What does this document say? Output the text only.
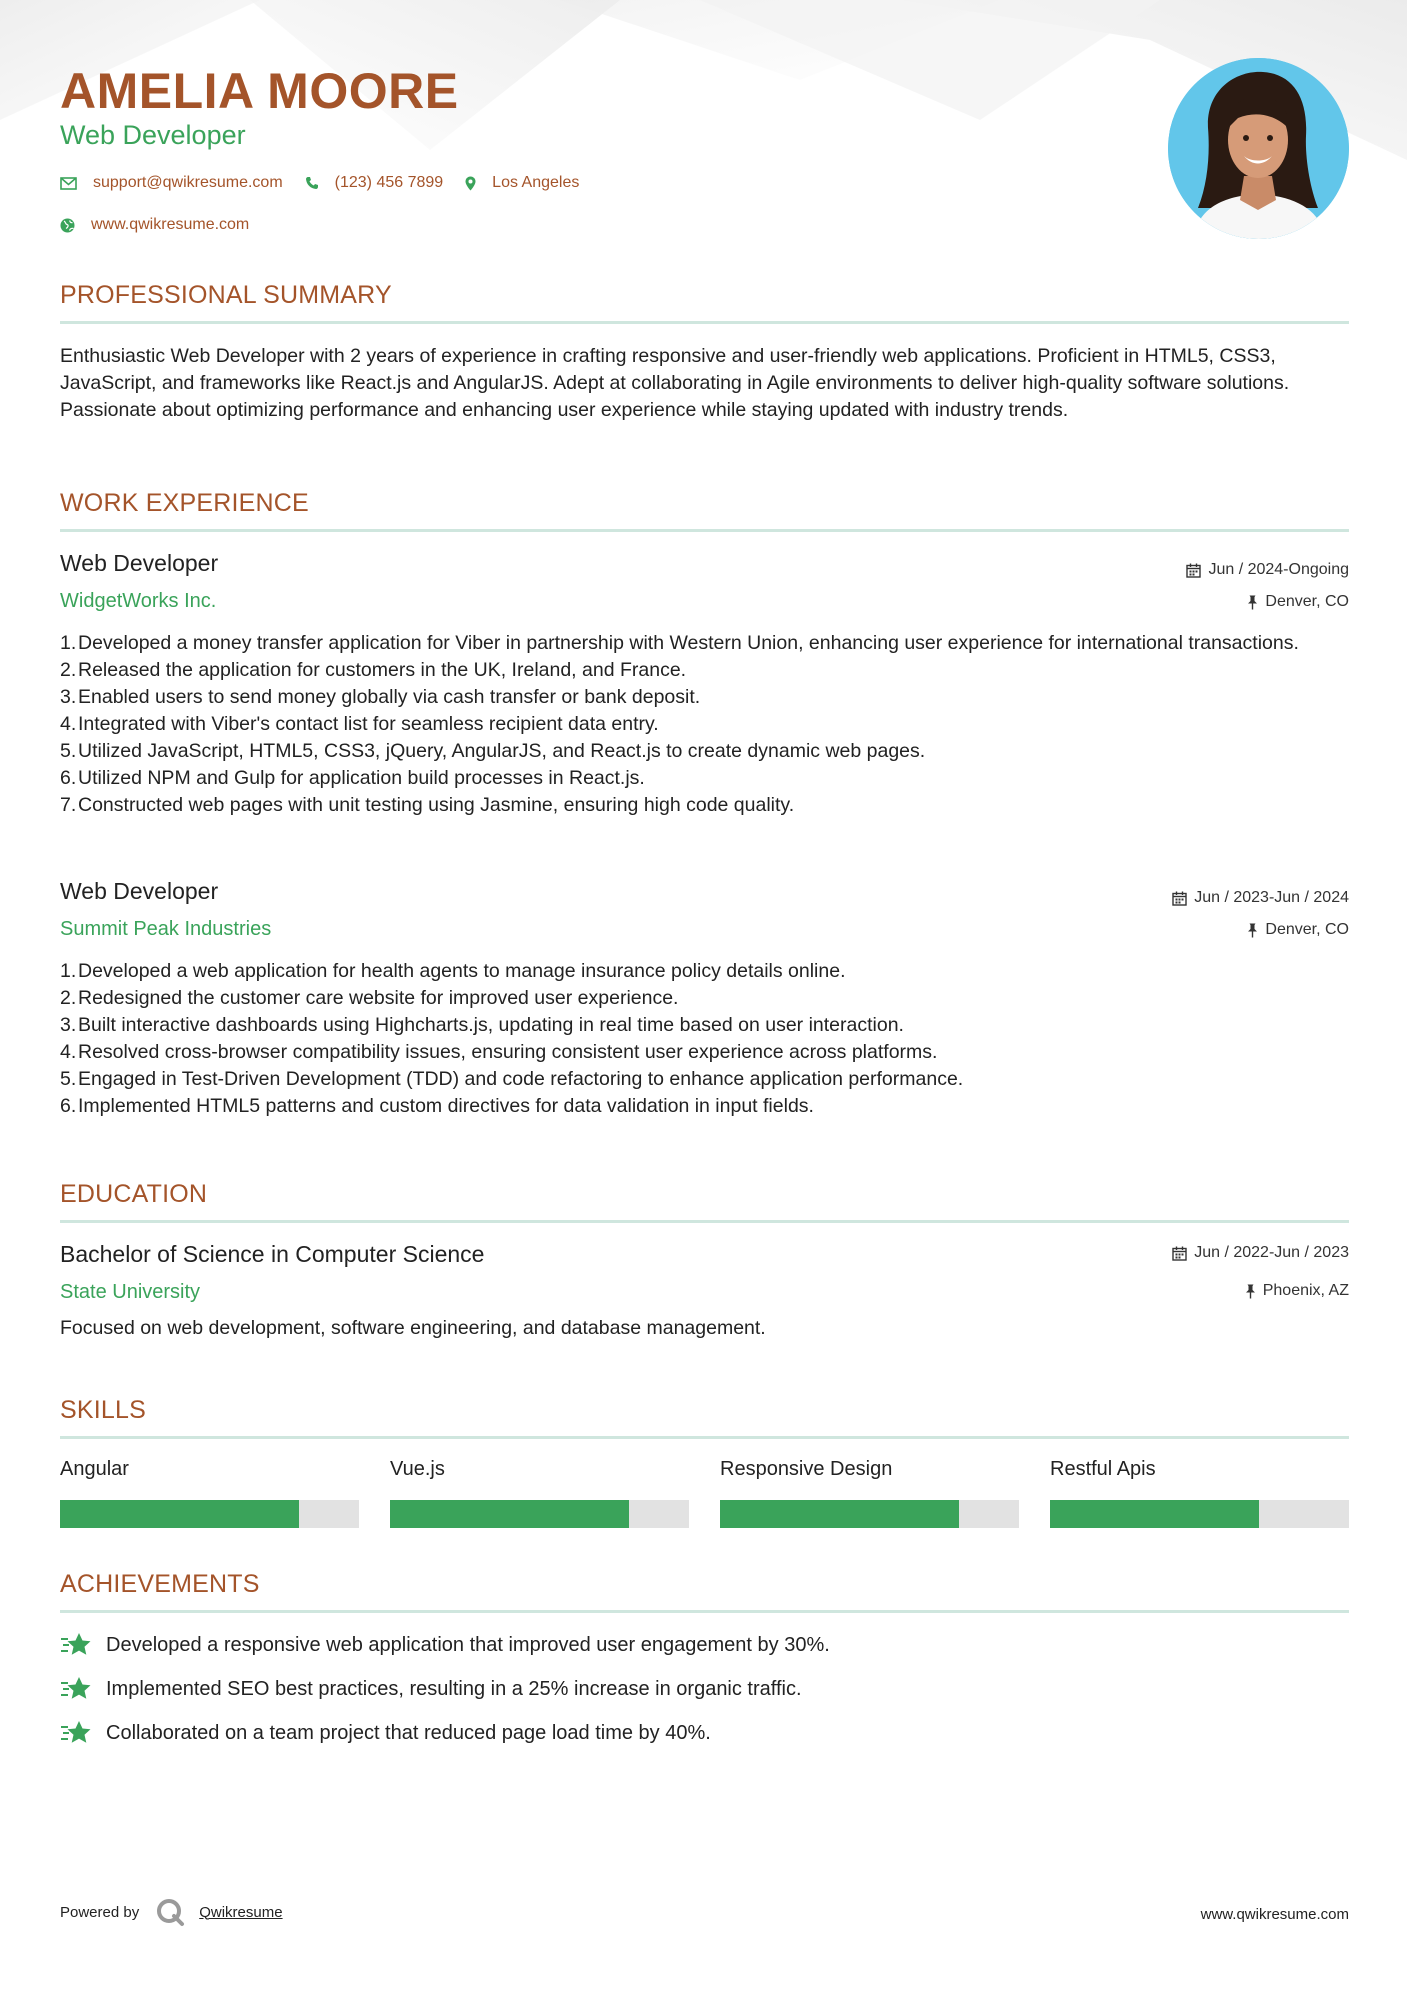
AMELIA MOORE
Web Developer
support@qwikresume.com	(123) 456 7899	Los Angeles
www.qwikresume.com
PROFESSIONAL SUMMARY
Enthusiastic Web Developer with 2 years of experience in crafting responsive and user-friendly web applications. Proficient in HTML5, CSS3, JavaScript, and frameworks like React.js and AngularJS. Adept at collaborating in Agile environments to deliver high-quality software solutions. Passionate about optimizing performance and enhancing user experience while staying updated with industry trends.
WORK EXPERIENCE
Web Developer
WidgetWorks Inc.
Jun / 2024-Ongoing
Denver, CO
1. Developed a money transfer application for Viber in partnership with Western Union, enhancing user experience for international transactions.
2. Released the application for customers in the UK, Ireland, and France.
3. Enabled users to send money globally via cash transfer or bank deposit.
4. Integrated with Viber's contact list for seamless recipient data entry.
5. Utilized JavaScript, HTML5, CSS3, jQuery, AngularJS, and React.js to create dynamic web pages.
6. Utilized NPM and Gulp for application build processes in React.js.
7. Constructed web pages with unit testing using Jasmine, ensuring high code quality.
Web Developer
Summit Peak Industries
Jun / 2023-Jun / 2024
Denver, CO
1. Developed a web application for health agents to manage insurance policy details online.
2. Redesigned the customer care website for improved user experience.
3. Built interactive dashboards using Highcharts.js, updating in real time based on user interaction.
4. Resolved cross-browser compatibility issues, ensuring consistent user experience across platforms.
5. Engaged in Test-Driven Development (TDD) and code refactoring to enhance application performance.
6. Implemented HTML5 patterns and custom directives for data validation in input fields.
EDUCATION
Bachelor of Science in Computer Science
State University
Jun / 2022-Jun / 2023
Phoenix, AZ
Focused on web development, software engineering, and database management.
SKILLS
Angular	Vue.js	Responsive Design	Restful Apis
ACHIEVEMENTS
Developed a responsive web application that improved user engagement by 30%.
Implemented SEO best practices, resulting in a 25% increase in organic traffic.
Collaborated on a team project that reduced page load time by 40%.
Powered by	Qwikresume	www.qwikresume.com
